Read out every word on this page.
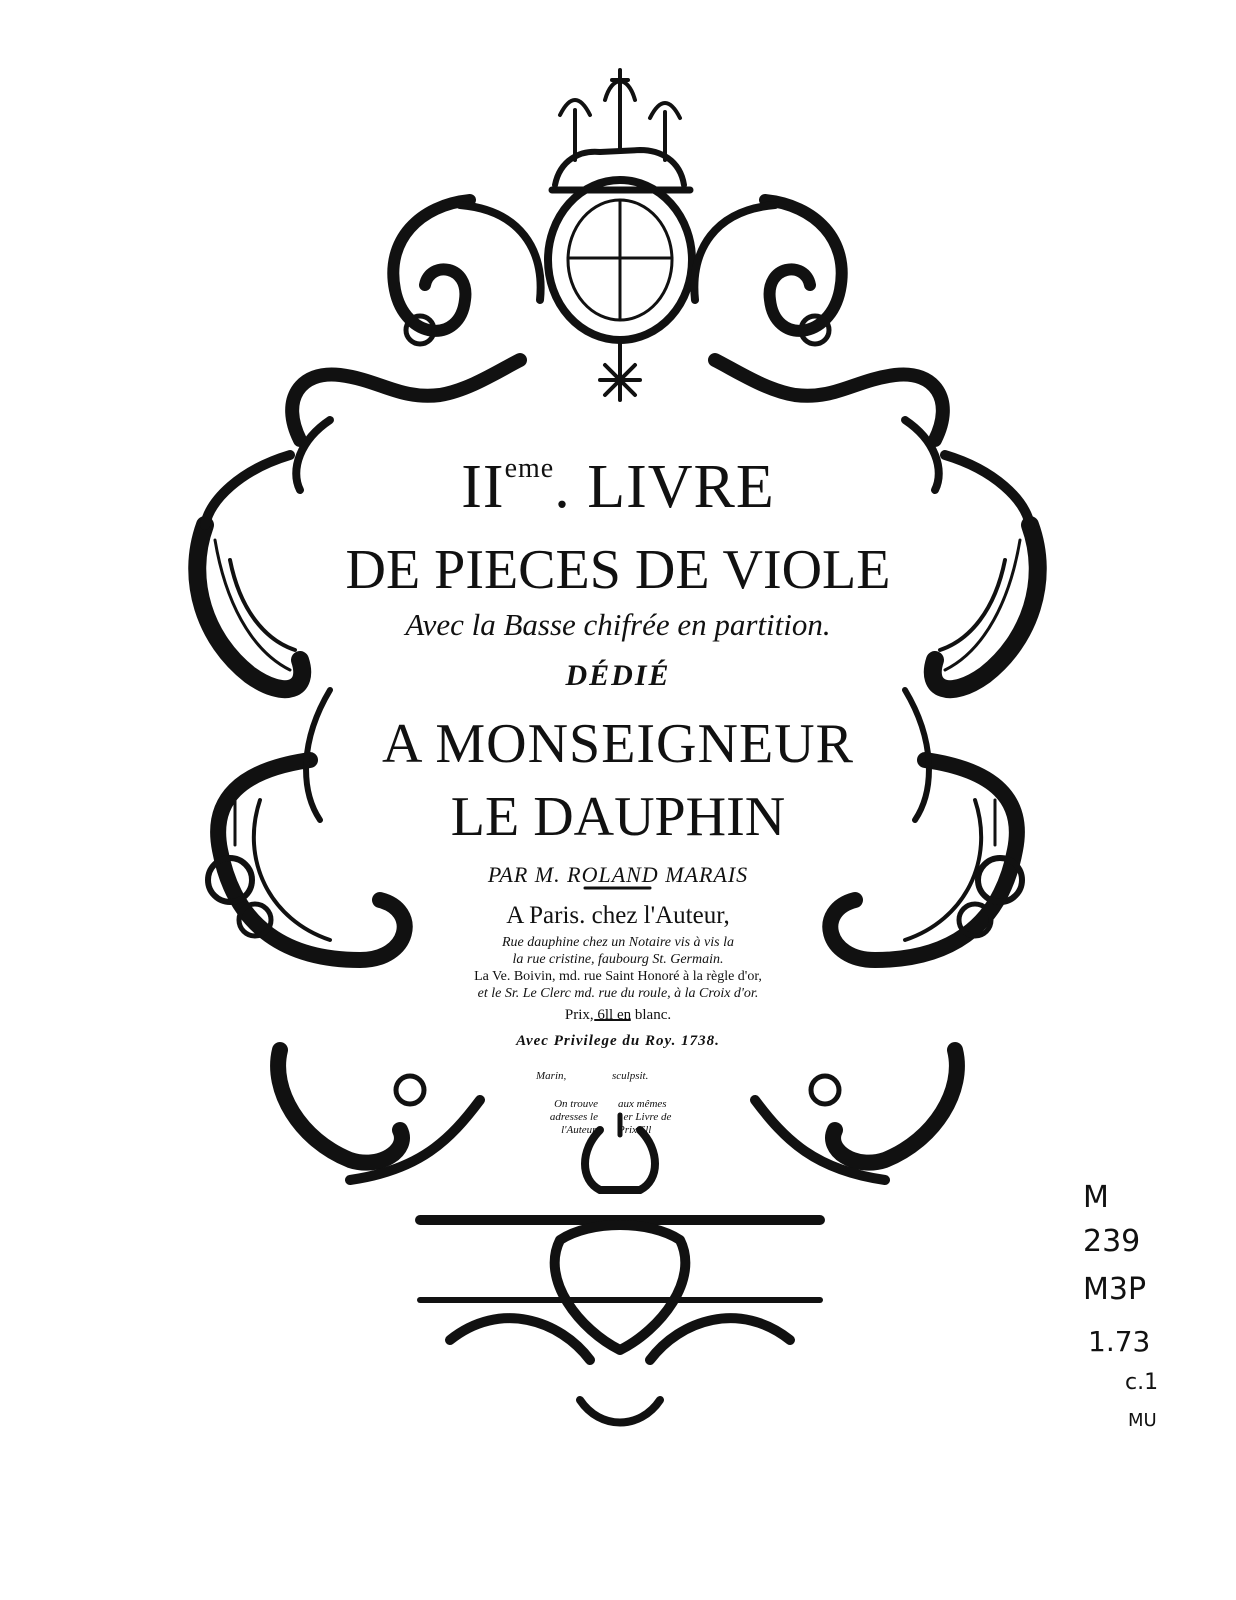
IIeme. LIVRE
DE PIECES DE VIOLE
Avec la Basse chifrée en partition.
DÉDIÉ
A MONSEIGNEUR
LE DAUPHIN
PAR M. ROLAND MARAIS
A Paris. chez l'Auteur,
Rue dauphine chez un Notaire vis à vis la
la rue cristine, faubourg St. Germain.
La Ve. Boivin, md. rue Saint Honoré à la règle d'or,
et le Sr. Le Clerc md. rue du roule, à la Croix d'or.
Prix, 6ll en blanc.
Avec Privilege du Roy. 1738.
Marin,	sculpsit.
On trouve
adresses le
l'Auteur,
aux mêmes
1er Livre de
Prix 6ll
M
239
M3P
1.73
c.1
MU
